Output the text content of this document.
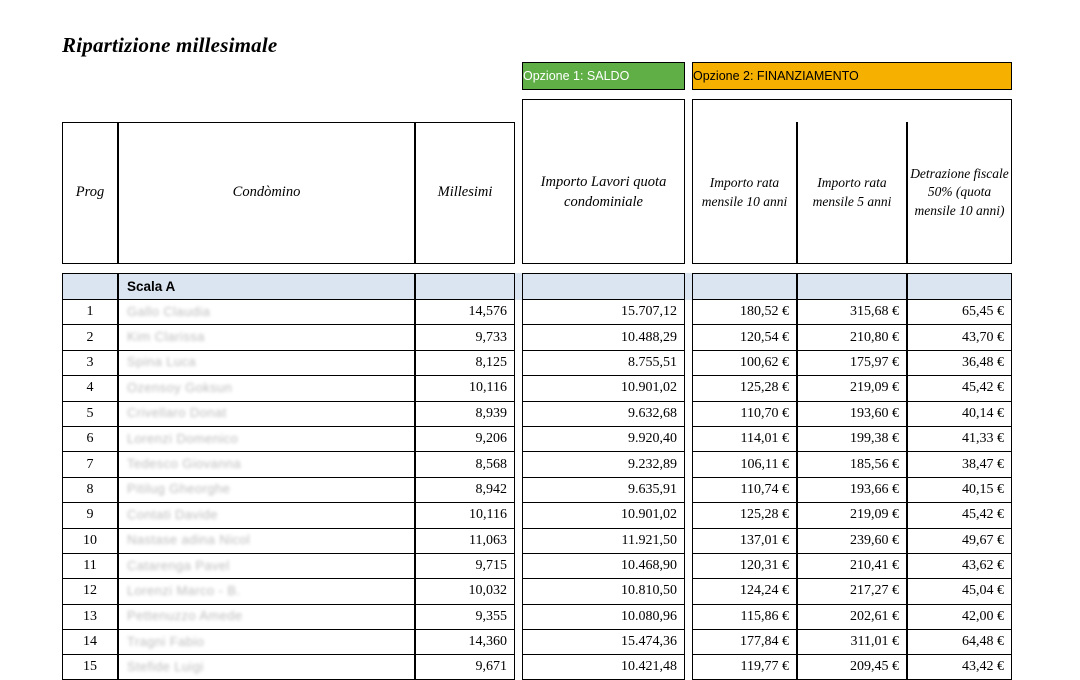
Ripartizione millesimale
				Opzione 1: SALDO		Opzione 2: FINANZIAMENTO		

Prog	Condòmino	Millesimi		Importo Lavori quota condominiale		Importo rata mensile 10 anni	Importo rata mensile 5 anni	Detrazione fiscale 50% (quota mensile 10 anni)

	Scala A							
1	Gallo Claudia	14,576		15.707,12		180,52 €	315,68 €	65,45 €
2	Kim Clarissa	9,733		10.488,29		120,54 €	210,80 €	43,70 €
3	Spina Luca	8,125		8.755,51		100,62 €	175,97 €	36,48 €
4	Ozensoy Goksun	10,116		10.901,02		125,28 €	219,09 €	45,42 €
5	Crivellaro Donat	8,939		9.632,68		110,70 €	193,60 €	40,14 €
6	Lorenzi Domenico	9,206		9.920,40		114,01 €	199,38 €	41,33 €
7	Tedesco Giovanna	8,568		9.232,89		106,11 €	185,56 €	38,47 €
8	Pitilug Gheorghe	8,942		9.635,91		110,74 €	193,66 €	40,15 €
9	Contati Davide	10,116		10.901,02		125,28 €	219,09 €	45,42 €
10	Nastase adina Nicol	11,063		11.921,50		137,01 €	239,60 €	49,67 €
11	Catarenga Pavel	9,715		10.468,90		120,31 €	210,41 €	43,62 €
12	Lorenzi Marco - B.	10,032		10.810,50		124,24 €	217,27 €	45,04 €
13	Pettenuzzo Amede	9,355		10.080,96		115,86 €	202,61 €	42,00 €
14	Tragni Fabio	14,360		15.474,36		177,84 €	311,01 €	64,48 €
15	Stefide Luigi	9,671		10.421,48		119,77 €	209,45 €	43,42 €
